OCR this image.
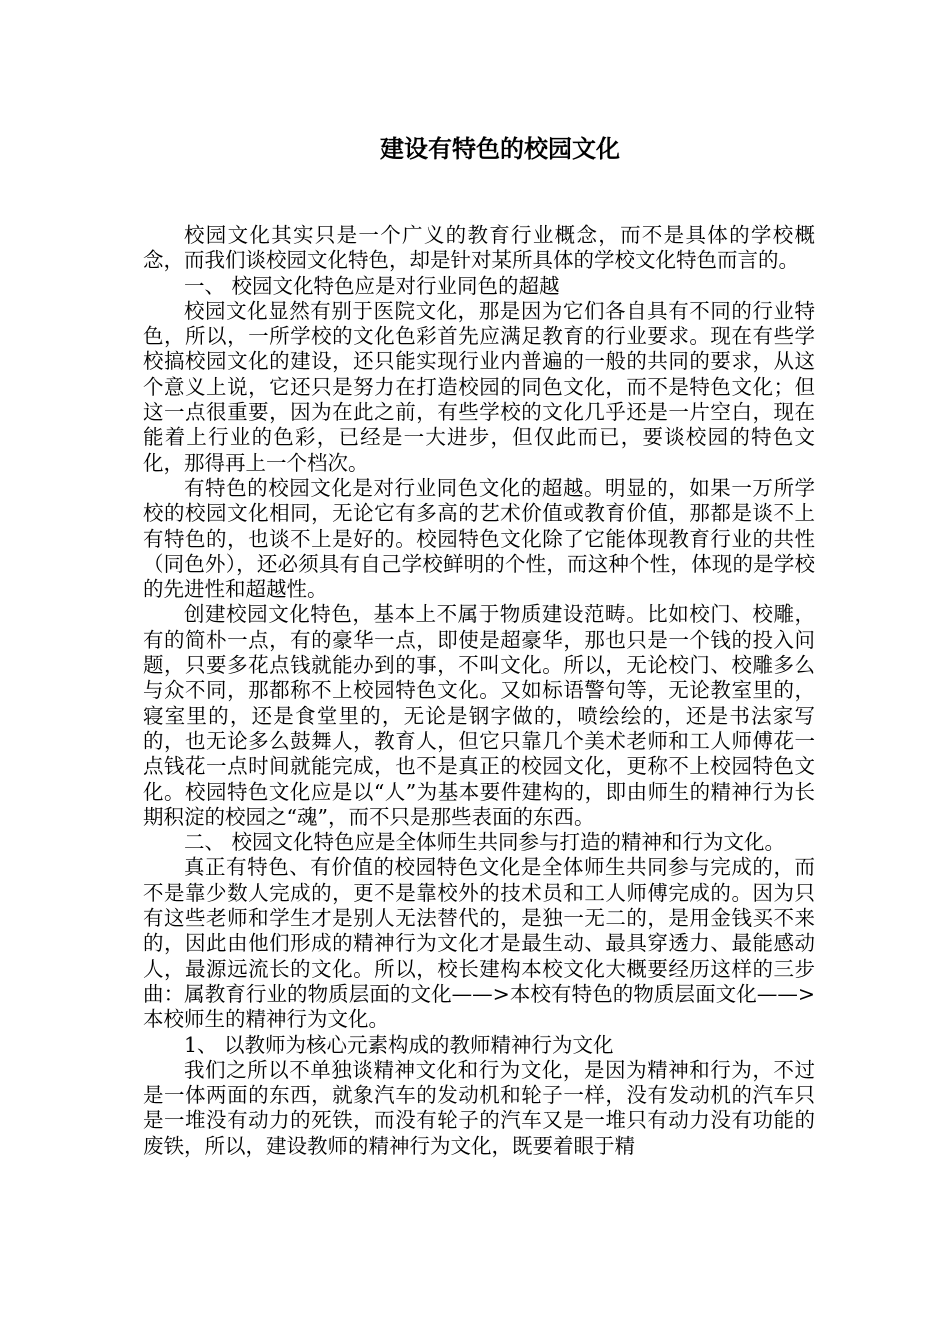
建设有特色的校园文化

校园文化其实只是一个广义的教育行业概念，而不是具体的学校概念，而我们谈校园文化特色，却是针对某所具体的学校文化特色而言的。

一、 校园文化特色应是对行业同色的超越

校园文化显然有别于医院文化，那是因为它们各自具有不同的行业特色，所以，一所学校的文化色彩首先应满足教育的行业要求。现在有些学校搞校园文化的建设，还只能实现行业内普遍的一般的共同的要求，从这个意义上说，它还只是努力在打造校园的同色文化，而不是特色文化；但这一点很重要，因为在此之前，有些学校的文化几乎还是一片空白，现在能着上行业的色彩，已经是一大进步，但仅此而已，要谈校园的特色文化，那得再上一个档次。

有特色的校园文化是对行业同色文化的超越。明显的，如果一万所学校的校园文化相同，无论它有多高的艺术价值或教育价值，那都是谈不上有特色的，也谈不上是好的。校园特色文化除了它能体现教育行业的共性（同色外），还必须具有自己学校鲜明的个性，而这种个性，体现的是学校的先进性和超越性。

创建校园文化特色，基本上不属于物质建设范畴。比如校门、校雕，有的简朴一点，有的豪华一点，即使是超豪华，那也只是一个钱的投入问题，只要多花点钱就能办到的事，不叫文化。所以，无论校门、校雕多么与众不同，那都称不上校园特色文化。又如标语警句等，无论教室里的，寝室里的，还是食堂里的，无论是钢字做的，喷绘绘的，还是书法家写的，也无论多么鼓舞人，教育人，但它只靠几个美术老师和工人师傅花一点钱花一点时间就能完成，也不是真正的校园文化，更称不上校园特色文化。校园特色文化应是以“人”为基本要件建构的，即由师生的精神行为长期积淀的校园之“魂”，而不只是那些表面的东西。

二、 校园文化特色应是全体师生共同参与打造的精神和行为文化。

真正有特色、有价值的校园特色文化是全体师生共同参与完成的，而不是靠少数人完成的，更不是靠校外的技术员和工人师傅完成的。因为只有这些老师和学生才是别人无法替代的，是独一无二的，是用金钱买不来的，因此由他们形成的精神行为文化才是最生动、最具穿透力、最能感动人，最源远流长的文化。所以，校长建构本校文化大概要经历这样的三步曲：属教育行业的物质层面的文化——>本校有特色的物质层面文化——>本校师生的精神行为文化。

1、 以教师为核心元素构成的教师精神行为文化

我们之所以不单独谈精神文化和行为文化，是因为精神和行为，不过是一体两面的东西，就象汽车的发动机和轮子一样，没有发动机的汽车只是一堆没有动力的死铁，而没有轮子的汽车又是一堆只有动力没有功能的废铁，所以，建设教师的精神行为文化，既要着眼于精
